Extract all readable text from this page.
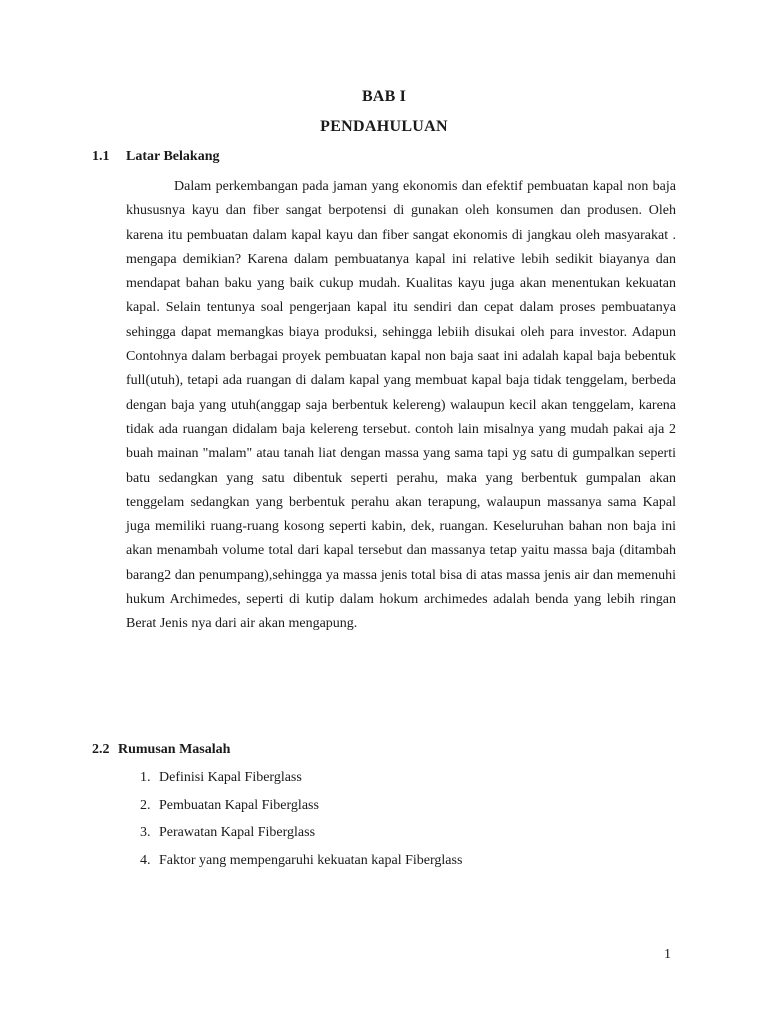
BAB I
PENDAHULUAN
1.1 Latar Belakang

Dalam perkembangan pada jaman yang ekonomis dan efektif pembuatan kapal non baja khususnya kayu dan fiber sangat berpotensi di gunakan oleh konsumen dan produsen. Oleh karena itu pembuatan dalam kapal kayu dan fiber sangat ekonomis di jangkau oleh masyarakat . mengapa demikian? Karena dalam pembuatanya kapal ini relative lebih sedikit biayanya dan mendapat bahan baku yang baik cukup mudah. Kualitas kayu juga akan menentukan kekuatan kapal. Selain tentunya soal pengerjaan kapal itu sendiri dan cepat dalam proses pembuatanya sehingga dapat memangkas biaya produksi, sehingga lebiih disukai oleh para investor. Adapun Contohnya dalam berbagai proyek pembuatan kapal non baja saat ini adalah kapal baja bebentuk full(utuh), tetapi ada ruangan di dalam kapal yang membuat kapal baja tidak tenggelam, berbeda dengan baja yang utuh(anggap saja berbentuk kelereng) walaupun kecil akan tenggelam, karena tidak ada ruangan didalam baja kelereng tersebut. contoh lain misalnya yang mudah pakai aja 2 buah mainan "malam" atau tanah liat dengan massa yang sama tapi yg satu di gumpalkan seperti batu sedangkan yang satu dibentuk seperti perahu, maka yang berbentuk gumpalan akan tenggelam sedangkan yang berbentuk perahu akan terapung, walaupun massanya sama Kapal juga memiliki ruang-ruang kosong seperti kabin, dek, ruangan. Keseluruhan bahan non baja ini akan menambah volume total dari kapal tersebut dan massanya tetap yaitu massa baja (ditambah barang2 dan penumpang),sehingga ya massa jenis total bisa di atas massa jenis air dan memenuhi hukum Archimedes, seperti di kutip dalam hokum archimedes adalah benda yang lebih ringan Berat Jenis nya dari air akan mengapung.

2.2 Rumusan Masalah
1. Definisi Kapal Fiberglass
2. Pembuatan Kapal Fiberglass
3. Perawatan Kapal Fiberglass
4. Faktor yang mempengaruhi kekuatan kapal Fiberglass
1
